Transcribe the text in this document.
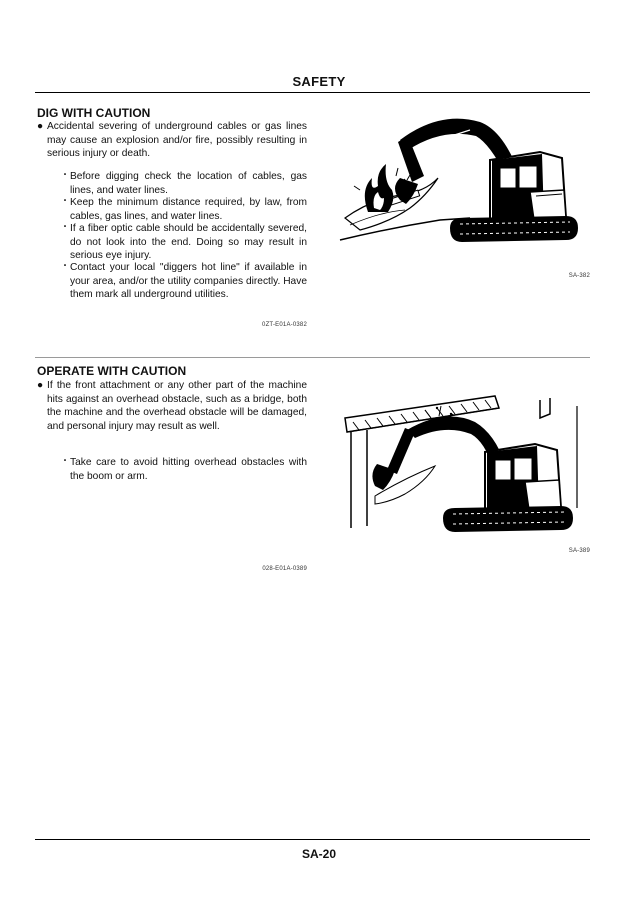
SAFETY
DIG WITH CAUTION
● Accidental severing of underground cables or gas lines may cause an explosion and/or fire, possibly resulting in serious injury or death.
・ Before digging check the location of cables, gas lines, and water lines.
・ Keep the minimum distance required, by law, from cables, gas lines, and water lines.
・ If a fiber optic cable should be accidentally severed, do not look into the end. Doing so may result in serious eye injury.
・ Contact your local "diggers hot line" if available in your area, and/or the utility companies directly. Have them mark all underground utilities.
0ZT-E01A-0382
SA-382
OPERATE WITH CAUTION
● If the front attachment or any other part of the machine hits against an overhead obstacle, such as a bridge, both the machine and the overhead obstacle will be damaged, and personal injury may result as well.
・ Take care to avoid hitting overhead obstacles with the boom or arm.
028-E01A-0389
SA-389
SA-20
